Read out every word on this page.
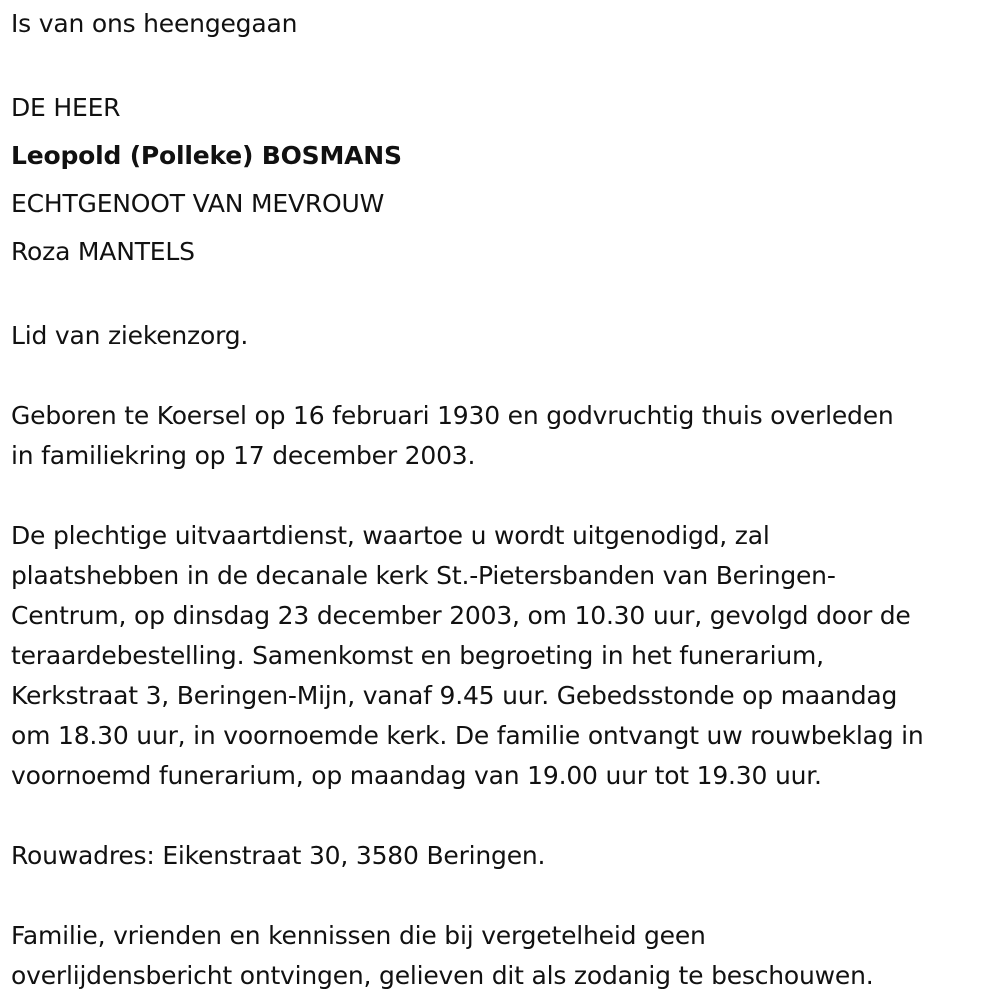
Is van ons heengegaan

DE HEER

Leopold (Polleke) BOSMANS

ECHTGENOOT VAN MEVROUW

Roza MANTELS

Lid van ziekenzorg.

Geboren te Koersel op 16 februari 1930 en godvruchtig thuis overleden

in familiekring op 17 december 2003.

De plechtige uitvaartdienst, waartoe u wordt uitgenodigd, zal

plaatshebben in de decanale kerk St.-Pietersbanden van Beringen-

Centrum, op dinsdag 23 december 2003, om 10.30 uur, gevolgd door de

teraardebestelling. Samenkomst en begroeting in het funerarium,

Kerkstraat 3, Beringen-Mijn, vanaf 9.45 uur. Gebedsstonde op maandag

om 18.30 uur, in voornoemde kerk. De familie ontvangt uw rouwbeklag in

voornoemd funerarium, op maandag van 19.00 uur tot 19.30 uur.

Rouwadres: Eikenstraat 30, 3580 Beringen.

Familie, vrienden en kennissen die bij vergetelheid geen

overlijdensbericht ontvingen, gelieven dit als zodanig te beschouwen.
